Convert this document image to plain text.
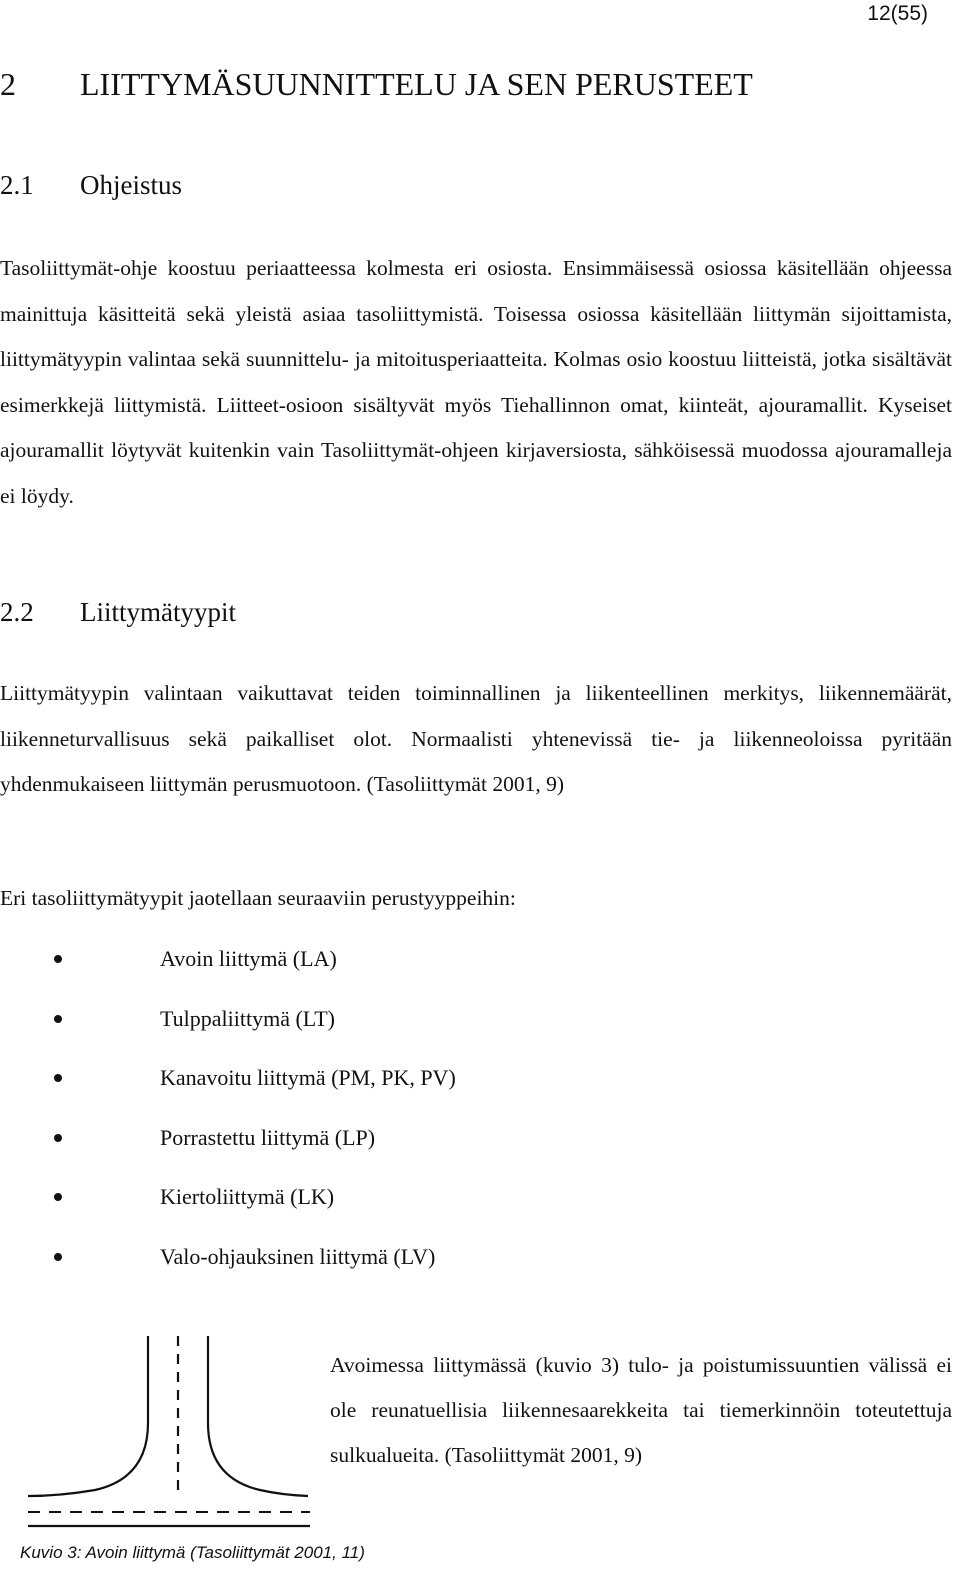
12(55)
2 LIITTYMÄSUUNNITTELU JA SEN PERUSTEET
2.1 Ohjeistus

Tasoliittymät-ohje koostuu periaatteessa kolmesta eri osiosta. Ensimmäisessä osiossa käsitellään ohjeessa mainittuja käsitteitä sekä yleistä asiaa tasoliittymistä. Toisessa osiossa käsitellään liittymän sijoittamista, liittymätyypin valintaa sekä suunnittelu- ja mitoitusperiaatteita. Kolmas osio koostuu liitteistä, jotka sisältävät esimerkkejä liittymistä. Liitteet-osioon sisältyvät myös Tiehallinnon omat, kiinteät, ajouramallit. Kyseiset ajouramallit löytyvät kuitenkin vain Tasoliittymät-ohjeen kirjaversiosta, sähköisessä muodossa ajouramalleja ei löydy.

2.2 Liittymätyypit

Liittymätyypin valintaan vaikuttavat teiden toiminnallinen ja liikenteellinen merkitys, liikennemäärät, liikenneturvallisuus sekä paikalliset olot. Normaalisti yhtenevissä tie- ja liikenneoloissa pyritään yhdenmukaiseen liittymän perusmuotoon. (Tasoliittymät 2001, 9)

Eri tasoliittymätyypit jaotellaan seuraaviin perustyyppeihin:

Avoin liittymä (LA)
Tulppaliittymä (LT)
Kanavoitu liittymä (PM, PK, PV)
Porrastettu liittymä (LP)
Kiertoliittymä (LK)
Valo-ohjauksinen liittymä (LV)

Avoimessa liittymässä (kuvio 3) tulo- ja poistumissuuntien välissä ei ole reunatuellisia liikennesaarekkeita tai tiemerkinnöin toteutettuja sulkualueita. (Tasoliittymät 2001, 9)

Kuvio 3: Avoin liittymä (Tasoliittymät 2001, 11)
